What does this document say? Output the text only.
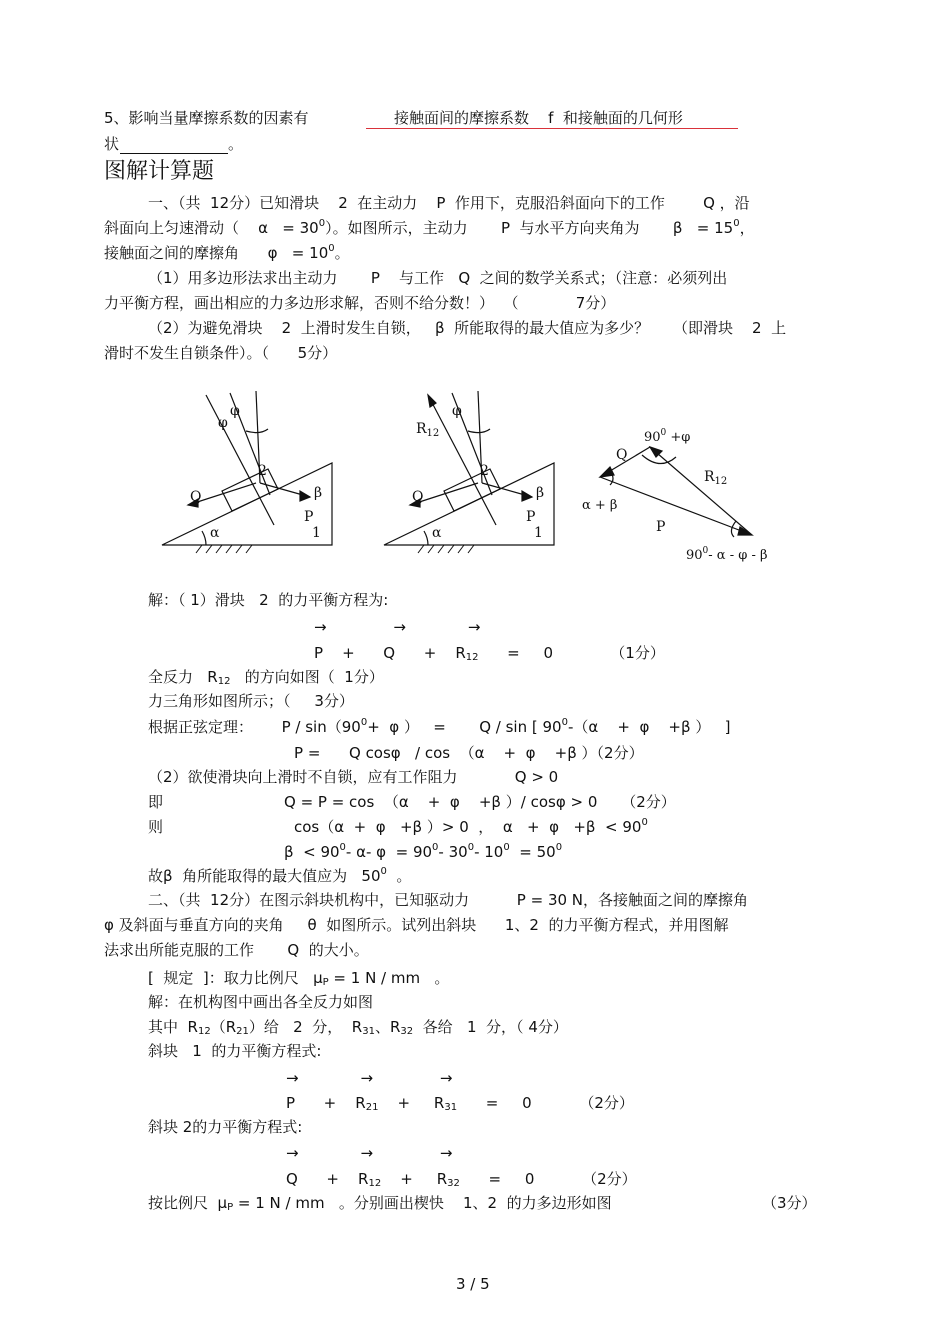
5、影响当量摩擦系数的因素有	接触面间的摩擦系数    f  和接触面的几何形
状	。
图解计算题
一、（共  12分）已知滑块    2  在主动力    P  作用下，克服沿斜面向下的工作        Q ，沿
斜面向上匀速滑动（    $\alpha = 30^0$）。如图所示，主动力       P  与水平方向夹角为       $\beta = 15^0$，
接触面之间的摩擦角      $\varphi = 10^0$。
（1）用多边形法求出主动力       P    与工作   Q  之间的数学关系式；（注意：必须列出
力平衡方程，画出相应的力多边形求解，否则不给分数！）  （            7分）
（2）为避免滑块    2  上滑时发生自锁，   β  所能取得的最大值应为多少？     （即滑块    2  上
滑时不发生自锁条件）。（      5分）
φ
φ
2
Q	β
P
α	1
φ
$R_{12}$
2
Q	β
P
α	1
$90^0 +\varphi$
Q
$R_{12}$
α + β
P
$90^0-$ α - φ - β
解：（ 1）滑块   2  的力平衡方程为:
→              →             →
P    +      Q      +    $R_{12}$      =     0            （1分）
全反力   $R_{12}$   的方向如图（  1分）
力三角形如图所示；（     3分）
根据正弦定理：      $P / \sin(90^0+ \varphi$ ）   =       Q / sin [ $90^0-(\alpha$    +  φ    +β ）   ]
P =      Q cosφ   / cos  （α    +  φ    +β ）（2分）
（2）欲使滑块向上滑时不自锁，应有工作阻力            Q > 0
即	Q = P = cos  （α    +  φ    +β ）/ cosφ > 0     （2分）
则	cos（α  +  φ   +β ）> 0  ，  $\alpha + \varphi +\beta < 90^0$
$\beta < 90^0-$ α- $\varphi = 90^0-$ $30^0-$ $10^0 = 50^0$
故β  角所能取得的最大值应为   $50^0$  。
二、（共  12分）在图示斜块机构中，已知驱动力          P = 30 N，各接触面之间的摩擦角
φ 及斜面与垂直方向的夹角     θ  如图所示。试列出斜块      1、2  的力平衡方程式，并用图解
法求出所能克服的工作       Q  的大小。
[  规定  ]：取力比例尺   $\mu_P = 1$ N / mm   。
解：在机构图中画出各全反力如图
其中  $R_{12}(R_{21})$给   2  分，  $R_{31}$、$R_{32}$  各给   1  分，（ 4分）
斜块   1  的力平衡方程式:
→             →              →
P      +    $R_{21}$    +     $R_{31}$      =     0          （2分）
斜块 2的力平衡方程式:
→             →              →
Q      +    $R_{12}$    +     $R_{32}$      =     0          （2分）
按比例尺  $\mu_P = 1$ N / mm   。分别画出楔快    1、2  的力多边形如图	（3分）
3 / 5
